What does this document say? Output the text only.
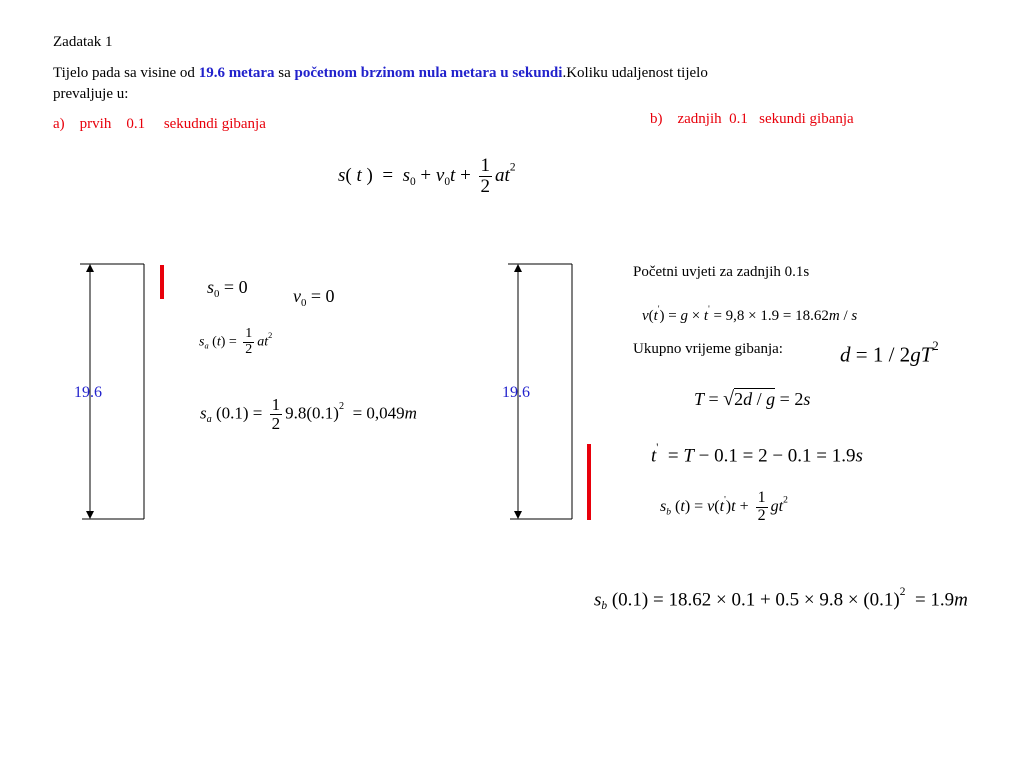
Zadatak 1
Tijelo pada sa visine od 19.6 metara sa početnom brzinom nula metara u sekundi.Koliku udaljenost tijelo
prevaljuje u:
a)    prvih    0.1     sekudndi gibanja	b)    zadnjih  0.1   sekundi gibanja
s( t )  =  $s_0 + v_0t + \frac{1}{2} at^2$
19.6	19.6
$s_0 = 0$	$v_0 = 0$
$s_a$ $(t) = \frac{1}{2} at^2$
$s_a$ $(0.1) = \frac{1}{2} 9.8(0.1)^2 = 0,049m$
Početni uvjeti za zadnjih 0.1s
v(t') = g × t' = 9,8 × 1.9 = 18.62m / s
Ukupno vrijeme gibanja:	$d = 1 / 2gT^2$
T = √2d / g = 2s
t'  = T − 0.1 = 2 − 0.1 = 1.9s
$s_b$ $(t) = v(t')t + \frac{1}{2} gt^2$
$s_b$ $(0.1) = 18.62 \times 0.1 + 0.5 \times 9.8 \times (0.1)^2 = 1.9m$
